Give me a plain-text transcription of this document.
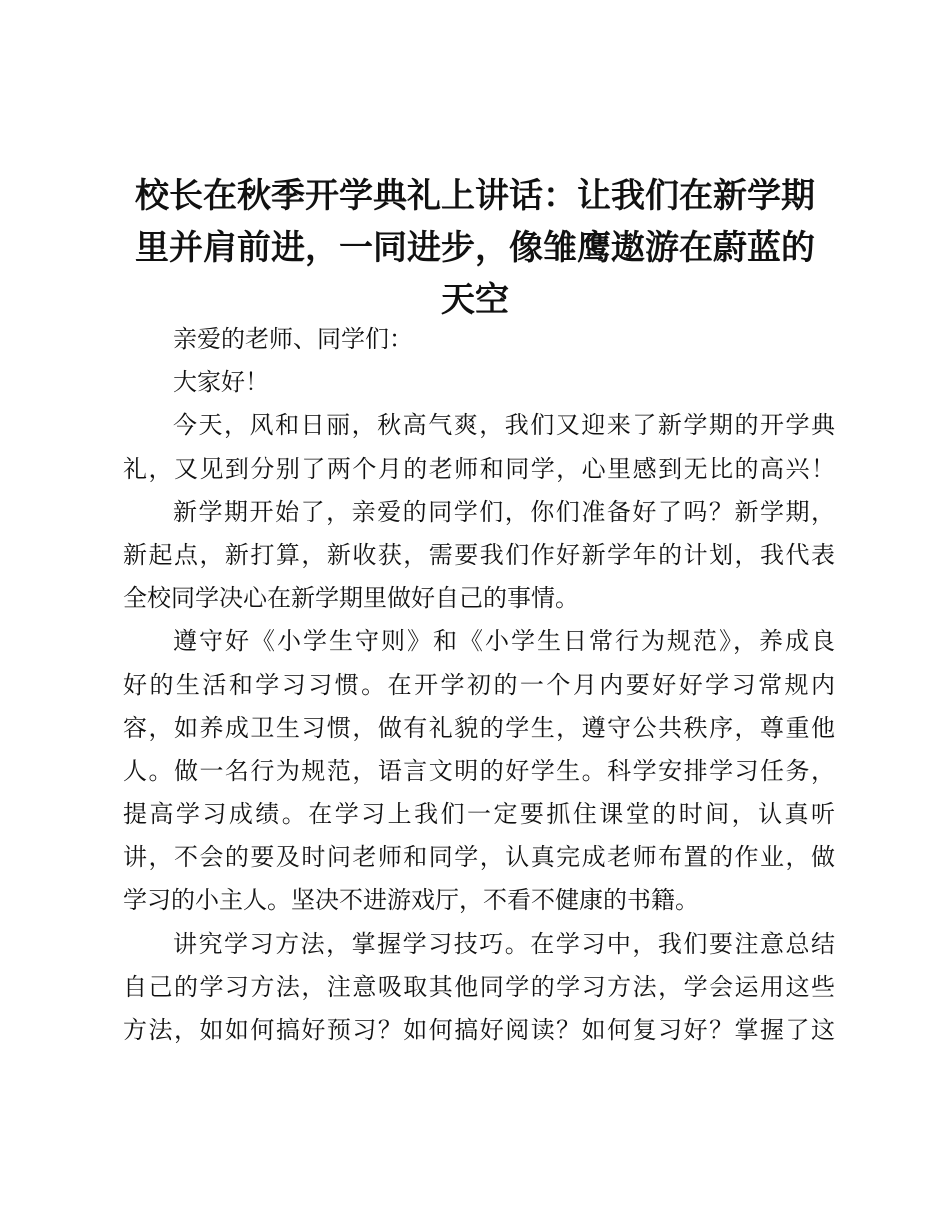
校长在秋季开学典礼上讲话：让我们在新学期
里并肩前进，一同进步，像雏鹰遨游在蔚蓝的
天空
亲爱的老师、同学们：
大家好！
今天，风和日丽，秋高气爽，我们又迎来了新学期的开学典
礼，又见到分别了两个月的老师和同学，心里感到无比的高兴！
新学期开始了，亲爱的同学们，你们准备好了吗？新学期，
新起点，新打算，新收获，需要我们作好新学年的计划，我代表
全校同学决心在新学期里做好自己的事情。
遵守好《小学生守则》和《小学生日常行为规范》，养成良
好的生活和学习习惯。在开学初的一个月内要好好学习常规内
容，如养成卫生习惯，做有礼貌的学生，遵守公共秩序，尊重他
人。做一名行为规范，语言文明的好学生。科学安排学习任务，
提高学习成绩。在学习上我们一定要抓住课堂的时间，认真听
讲，不会的要及时问老师和同学，认真完成老师布置的作业，做
学习的小主人。坚决不进游戏厅，不看不健康的书籍。
讲究学习方法，掌握学习技巧。在学习中，我们要注意总结
自己的学习方法，注意吸取其他同学的学习方法，学会运用这些
方法，如如何搞好预习？如何搞好阅读？如何复习好？掌握了这
